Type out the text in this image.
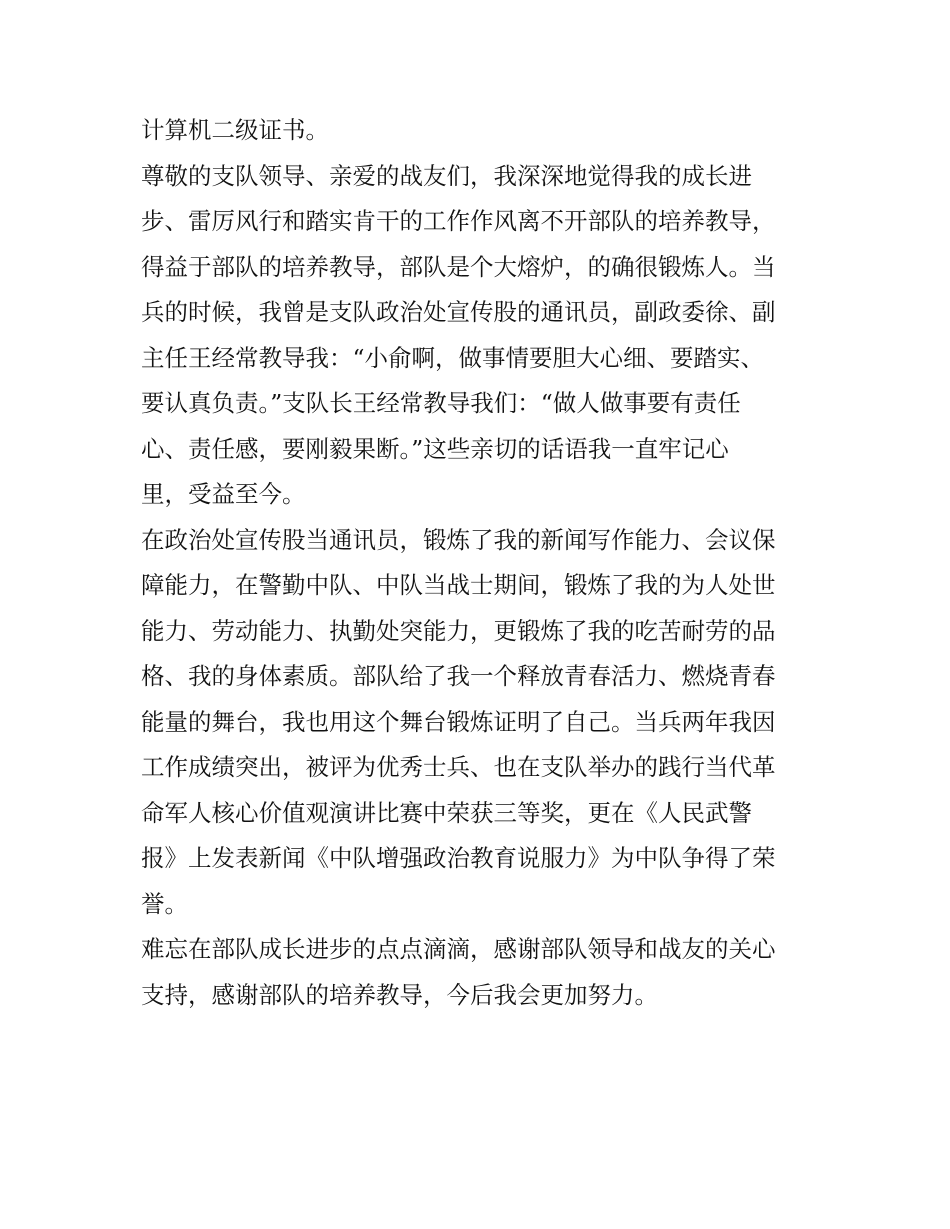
计算机二级证书。
尊敬的支队领导、亲爱的战友们，我深深地觉得我的成长进
步、雷厉风行和踏实肯干的工作作风离不开部队的培养教导，
得益于部队的培养教导，部队是个大熔炉，的确很锻炼人。当
兵的时候，我曾是支队政治处宣传股的通讯员，副政委徐、副
主任王经常教导我：“小俞啊，做事情要胆大心细、要踏实、
要认真负责。”支队长王经常教导我们：“做人做事要有责任
心、责任感，要刚毅果断。”这些亲切的话语我一直牢记心
里，受益至今。
在政治处宣传股当通讯员，锻炼了我的新闻写作能力、会议保
障能力，在警勤中队、中队当战士期间，锻炼了我的为人处世
能力、劳动能力、执勤处突能力，更锻炼了我的吃苦耐劳的品
格、我的身体素质。部队给了我一个释放青春活力、燃烧青春
能量的舞台，我也用这个舞台锻炼证明了自己。当兵两年我因
工作成绩突出，被评为优秀士兵、也在支队举办的践行当代革
命军人核心价值观演讲比赛中荣获三等奖，更在《人民武警
报》上发表新闻《中队增强政治教育说服力》为中队争得了荣
誉。
难忘在部队成长进步的点点滴滴，感谢部队领导和战友的关心
支持，感谢部队的培养教导，今后我会更加努力。
